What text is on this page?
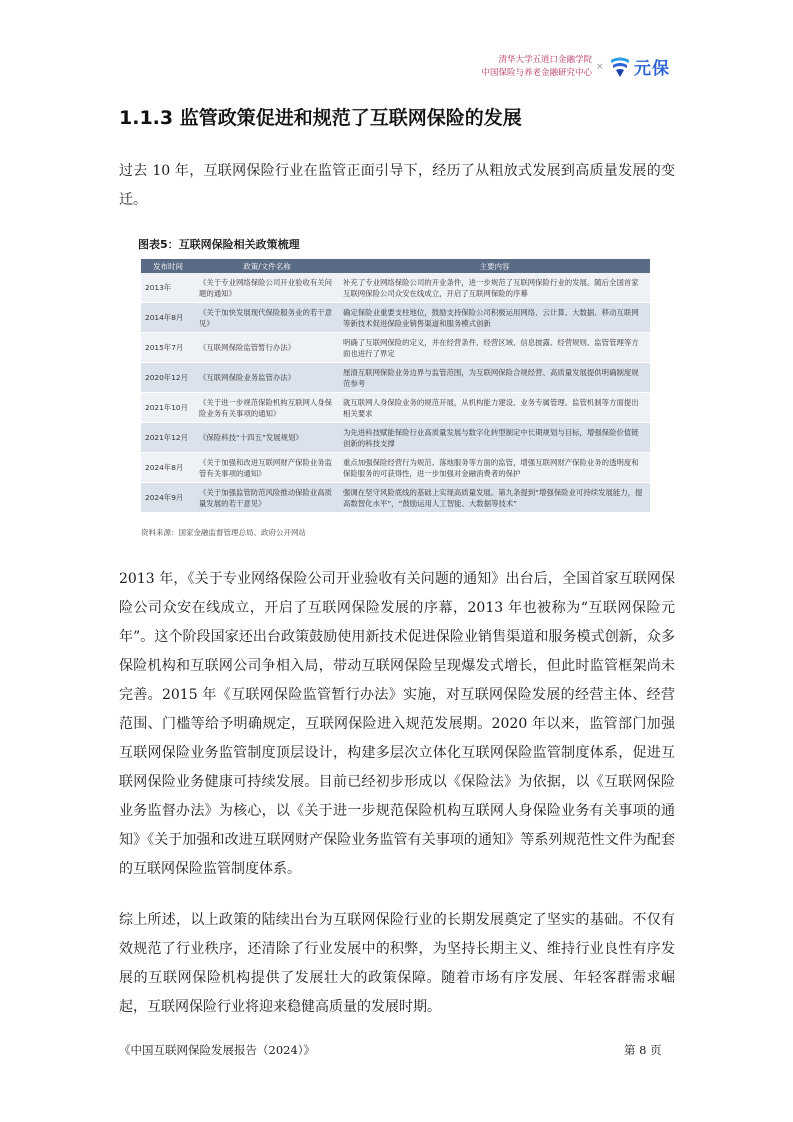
清华大学五道口金融学院
中国保险与养老金融研究中心
× 元保
1.1.3 监管政策促进和规范了互联网保险的发展

过去 10 年，互联网保险行业在监管正面引导下，经历了从粗放式发展到高质量发展的变迁。

图表5：互联网保险相关政策梳理

发布时间	政策/文件名称	主要内容
2013年	《关于专业网络保险公司开业验收有关问题的通知》	补充了专业网络保险公司的开业条件，进一步规范了互联网保险行业的发展。随后全国首家互联网保险公司众安在线成立，开启了互联网保险的序幕
2014年8月	《关于加快发展现代保险服务业的若干意见》	确定保险业重要支柱地位，鼓励支持保险公司积极运用网络、云计算、大数据、移动互联网等新技术促进保险业销售渠道和服务模式创新
2015年7月	《互联网保险监管暂行办法》	明确了互联网保险的定义，并在经营条件、经营区域、信息披露、经营规则、监管管理等方面也进行了界定
2020年12月	《互联网保险业务监管办法》	厘清互联网保险业务边界与监管范围，为互联网保险合规经营、高质量发展提供明确制度规范参考
2021年10月	《关于进一步规范保险机构互联网人身保险业务有关事项的通知》	就互联网人身保险业务的规范开展，从机构能力建设、业务专属管理、监管机制等方面提出相关要求
2021年12月	《保险科技“十四五”发展规划》	为先进科技赋能保险行业高质量发展与数字化转型制定中长期规划与目标，增强保险价值链创新的科技支撑
2024年8月	《关于加强和改进互联网财产保险业务监管有关事项的通知》	重点加强保险经营行为规范、落地服务等方面的监管，增强互联网财产保险业务的透明度和保险服务的可获得性，进一步加强对金融消费者的保护
2024年9月	《关于加强监管防范风险推动保险业高质量发展的若干意见》	强调在坚守风险底线的基础上实现高质量发展。第九条提到“增强保险业可持续发展能力，提高数智化水平”，“鼓励运用人工智能、大数据等技术”

资料来源：国家金融监督管理总局、政府公开网站

2013 年，《关于专业网络保险公司开业验收有关问题的通知》出台后，全国首家互联网保险公司众安在线成立，开启了互联网保险发展的序幕，2013 年也被称为“互联网保险元年”。这个阶段国家还出台政策鼓励使用新技术促进保险业销售渠道和服务模式创新，众多保险机构和互联网公司争相入局，带动互联网保险呈现爆发式增长，但此时监管框架尚未完善。2015 年《互联网保险监管暂行办法》实施，对互联网保险发展的经营主体、经营范围、门槛等给予明确规定，互联网保险进入规范发展期。2020 年以来，监管部门加强互联网保险业务监管制度顶层设计，构建多层次立体化互联网保险监管制度体系，促进互联网保险业务健康可持续发展。目前已经初步形成以《保险法》为依据，以《互联网保险业务监督办法》为核心，以《关于进一步规范保险机构互联网人身保险业务有关事项的通知》《关于加强和改进互联网财产保险业务监管有关事项的通知》等系列规范性文件为配套的互联网保险监管制度体系。

综上所述，以上政策的陆续出台为互联网保险行业的长期发展奠定了坚实的基础。不仅有效规范了行业秩序，还清除了行业发展中的积弊，为坚持长期主义、维持行业良性有序发展的互联网保险机构提供了发展壮大的政策保障。随着市场有序发展、年轻客群需求崛起，互联网保险行业将迎来稳健高质量的发展时期。

《中国互联网保险发展报告（2024）》	第 8 页
